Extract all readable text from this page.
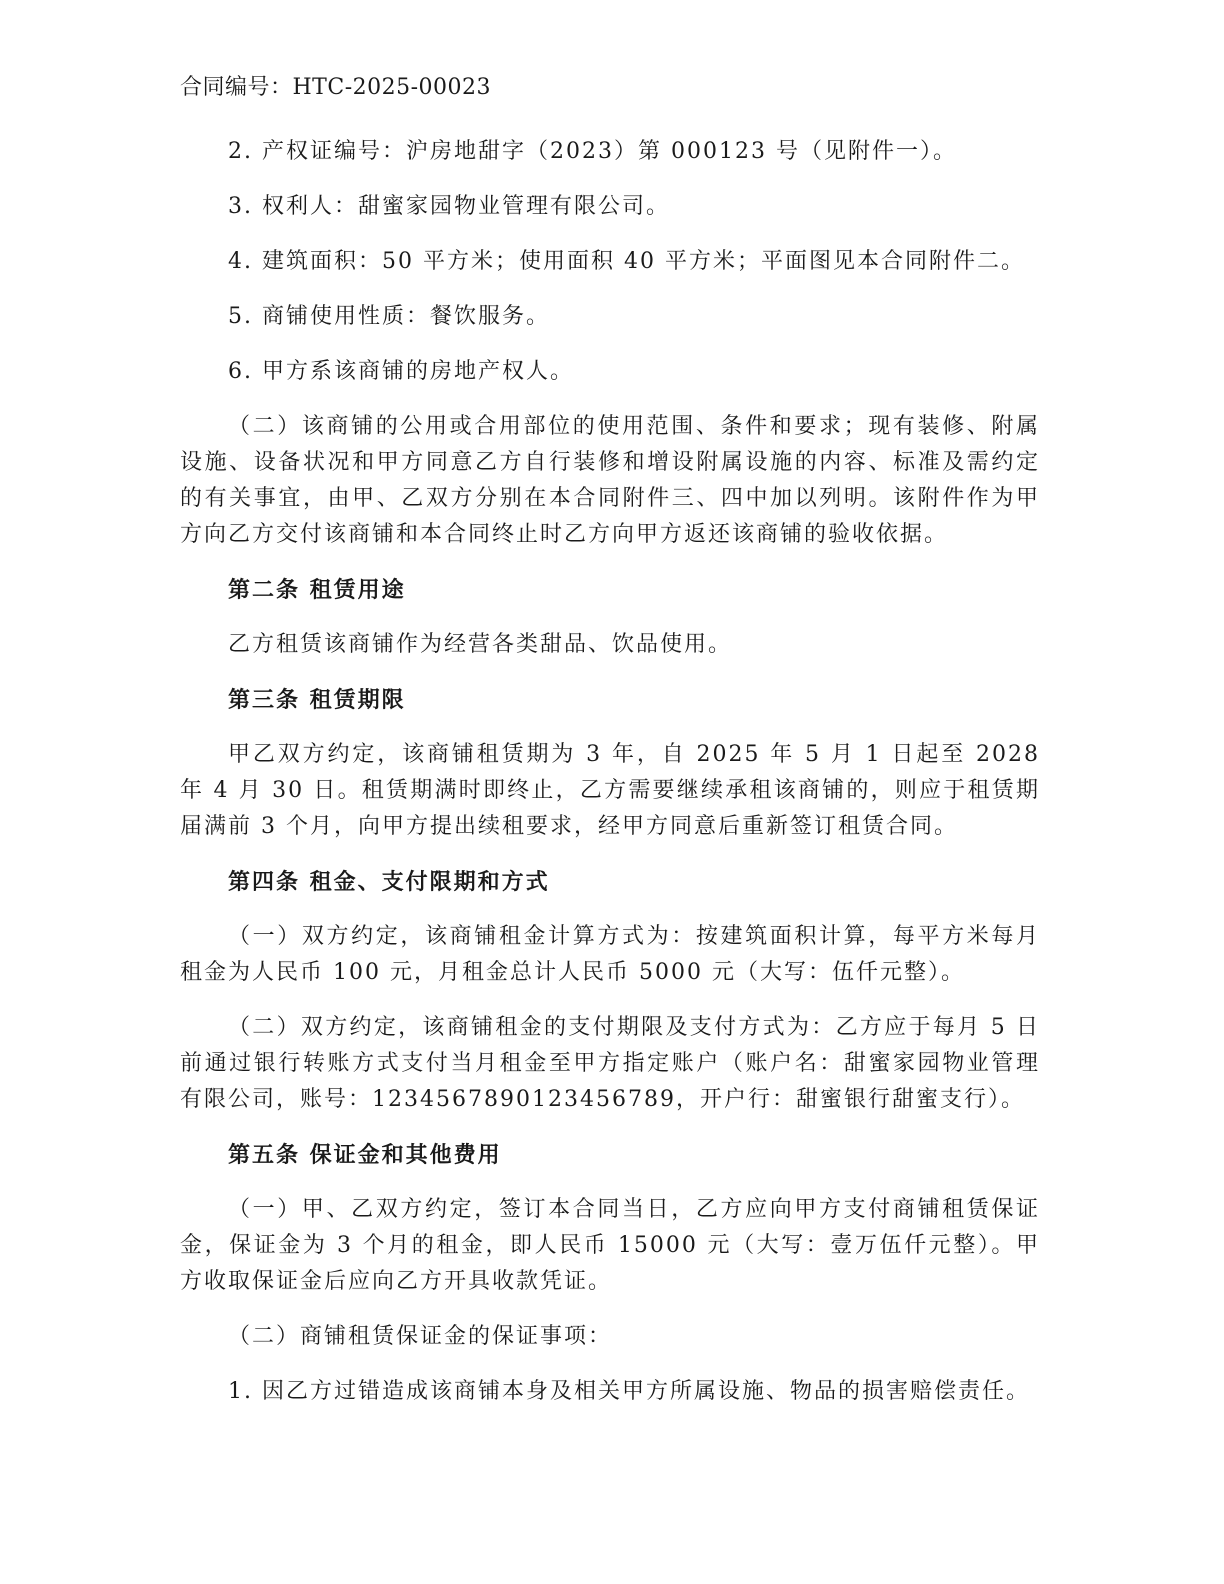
合同编号：HTC-2025-00023

2. 产权证编号：沪房地甜字（2023）第 000123 号（见附件一）。

3. 权利人：甜蜜家园物业管理有限公司。

4. 建筑面积：50 平方米；使用面积 40 平方米；平面图见本合同附件二。

5. 商铺使用性质：餐饮服务。

6. 甲方系该商铺的房地产权人。

（二）该商铺的公用或合用部位的使用范围、条件和要求；现有装修、附属设施、设备状况和甲方同意乙方自行装修和增设附属设施的内容、标准及需约定的有关事宜，由甲、乙双方分别在本合同附件三、四中加以列明。该附件作为甲方向乙方交付该商铺和本合同终止时乙方向甲方返还该商铺的验收依据。

第二条 租赁用途

乙方租赁该商铺作为经营各类甜品、饮品使用。

第三条 租赁期限

甲乙双方约定，该商铺租赁期为 3 年，自 2025 年 5 月 1 日起至 2028 年 4 月 30 日。租赁期满时即终止，乙方需要继续承租该商铺的，则应于租赁期届满前 3 个月，向甲方提出续租要求，经甲方同意后重新签订租赁合同。

第四条 租金、支付限期和方式

（一）双方约定，该商铺租金计算方式为：按建筑面积计算，每平方米每月租金为人民币 100 元，月租金总计人民币 5000 元（大写：伍仟元整）。

（二）双方约定，该商铺租金的支付期限及支付方式为：乙方应于每月 5 日前通过银行转账方式支付当月租金至甲方指定账户（账户名：甜蜜家园物业管理有限公司，账号：1234567890123456789，开户行：甜蜜银行甜蜜支行）。

第五条 保证金和其他费用

（一）甲、乙双方约定，签订本合同当日，乙方应向甲方支付商铺租赁保证金，保证金为 3 个月的租金，即人民币 15000 元（大写：壹万伍仟元整）。甲方收取保证金后应向乙方开具收款凭证。

（二）商铺租赁保证金的保证事项：

1. 因乙方过错造成该商铺本身及相关甲方所属设施、物品的损害赔偿责任。
